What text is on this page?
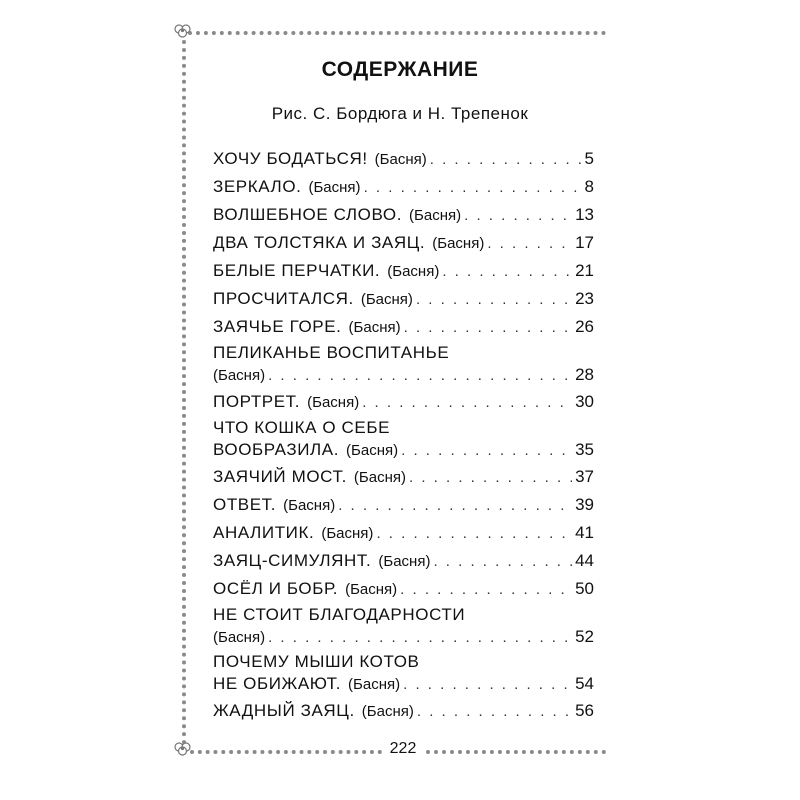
СОДЕРЖАНИЕ
Рис. С. Бордюга и Н. Трепенок
ХОЧУ БОДАТЬСЯ! (Басня) . . .	5
ЗЕРКАЛО. (Басня) . . .	8
ВОЛШЕБНОЕ СЛОВО. (Басня) . . .	13
ДВА ТОЛСТЯКА И ЗАЯЦ. (Басня) . . .	17
БЕЛЫЕ ПЕРЧАТКИ. (Басня) . . .	21
ПРОСЧИТАЛСЯ. (Басня) . . .	23
ЗАЯЧЬЕ ГОРЕ. (Басня) . . .	26
ПЕЛИКАНЬЕ ВОСПИТАНЬЕ
(Басня) . . .	28
ПОРТРЕТ. (Басня) . . .	30
ЧТО КОШКА О СЕБЕ
ВООБРАЗИЛА. (Басня) . . .	35
ЗАЯЧИЙ МОСТ. (Басня) . . .	37
ОТВЕТ. (Басня) . . .	39
АНАЛИТИК. (Басня) . . .	41
ЗАЯЦ-СИМУЛЯНТ. (Басня) . . .	44
ОСЁЛ И БОБР. (Басня) . . .	50
НЕ СТОИТ БЛАГОДАРНОСТИ
(Басня) . . .	52
ПОЧЕМУ МЫШИ КОТОВ
НЕ ОБИЖАЮТ. (Басня) . . .	54
ЖАДНЫЙ ЗАЯЦ. (Басня) . . .	56
222
